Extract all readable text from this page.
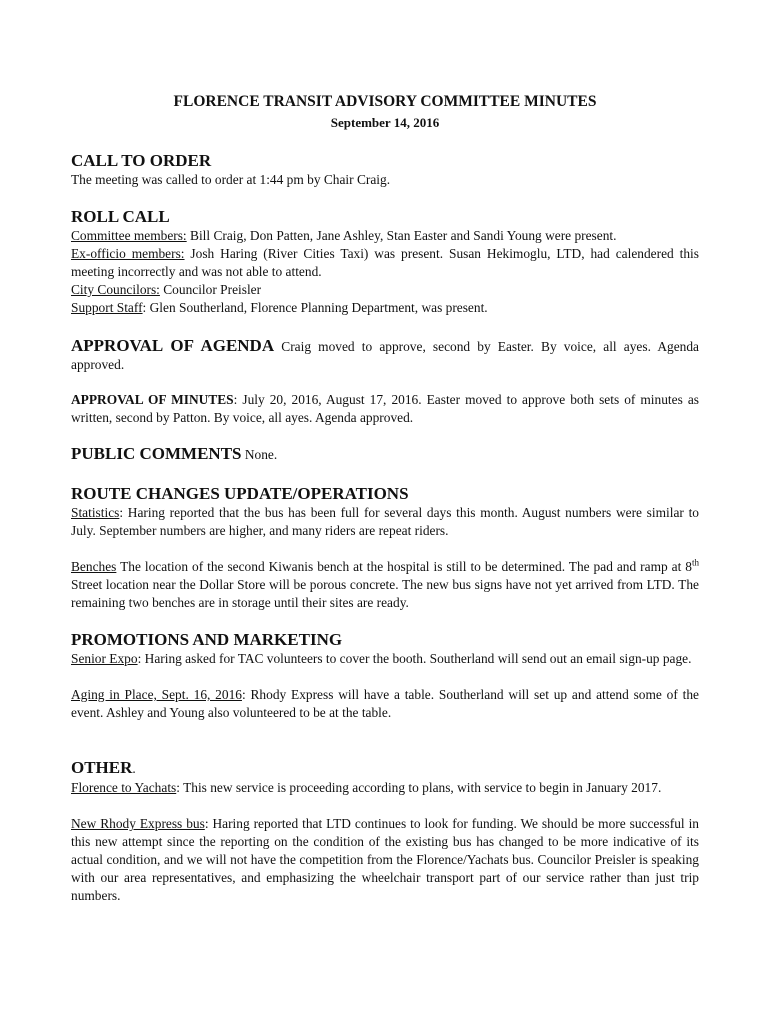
FLORENCE TRANSIT ADVISORY COMMITTEE MINUTES

September 14, 2016

CALL TO ORDER

The meeting was called to order at 1:44 pm by Chair Craig.

ROLL CALL

Committee members: Bill Craig, Don Patten, Jane Ashley, Stan Easter and Sandi Young were present.

Ex-officio members: Josh Haring (River Cities Taxi) was present. Susan Hekimoglu, LTD, had calendered this meeting incorrectly and was not able to attend.

City Councilors: Councilor Preisler

Support Staff: Glen Southerland, Florence Planning Department, was present.

APPROVAL OF AGENDA Craig moved to approve, second by Easter. By voice, all ayes. Agenda approved.

APPROVAL OF MINUTES: July 20, 2016, August 17, 2016. Easter moved to approve both sets of minutes as written, second by Patton. By voice, all ayes. Agenda approved.

PUBLIC COMMENTS None.

ROUTE CHANGES UPDATE/OPERATIONS

Statistics: Haring reported that the bus has been full for several days this month. August numbers were similar to July. September numbers are higher, and many riders are repeat riders.

Benches The location of the second Kiwanis bench at the hospital is still to be determined. The pad and ramp at 8th Street location near the Dollar Store will be porous concrete. The new bus signs have not yet arrived from LTD. The remaining two benches are in storage until their sites are ready.

PROMOTIONS AND MARKETING

Senior Expo: Haring asked for TAC volunteers to cover the booth. Southerland will send out an email sign-up page.

Aging in Place, Sept. 16, 2016: Rhody Express will have a table. Southerland will set up and attend some of the event. Ashley and Young also volunteered to be at the table.

OTHER.

Florence to Yachats: This new service is proceeding according to plans, with service to begin in January 2017.

New Rhody Express bus: Haring reported that LTD continues to look for funding. We should be more successful in this new attempt since the reporting on the condition of the existing bus has changed to be more indicative of its actual condition, and we will not have the competition from the Florence/Yachats bus. Councilor Preisler is speaking with our area representatives, and emphasizing the wheelchair transport part of our service rather than just trip numbers.
